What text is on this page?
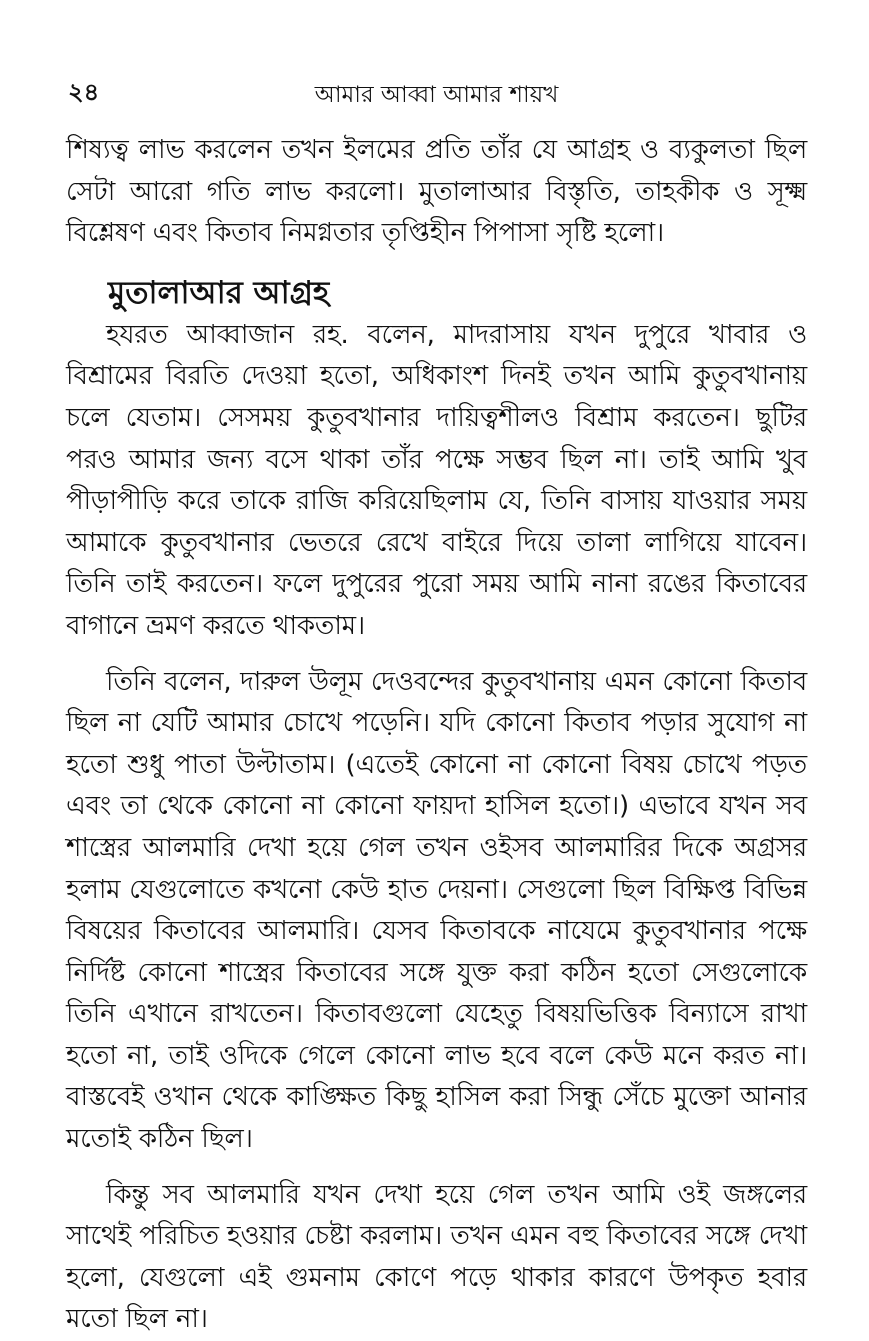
২৪	আমার আব্বা আমার শায়খ

শিষ্যত্ব লাভ করলেন তখন ইলমের প্রতি তাঁর যে আগ্রহ ও ব্যকুলতা ছিল সেটা আরো গতি লাভ করলো। মুতালাআর বিস্তৃতি, তাহকীক ও সূক্ষ্ম বিশ্লেষণ এবং কিতাব নিমগ্নতার তৃপ্তিহীন পিপাসা সৃষ্টি হলো।

মুতালাআর আগ্রহ

হযরত আব্বাজান রহ. বলেন, মাদরাসায় যখন দুপুরে খাবার ও বিশ্রামের বিরতি দেওয়া হতো, অধিকাংশ দিনই তখন আমি কুতুবখানায় চলে যেতাম। সেসময় কুতুবখানার দায়িত্বশীলও বিশ্রাম করতেন। ছুটির পরও আমার জন্য বসে থাকা তাঁর পক্ষে সম্ভব ছিল না। তাই আমি খুব পীড়াপীড়ি করে তাকে রাজি করিয়েছিলাম যে, তিনি বাসায় যাওয়ার সময় আমাকে কুতুবখানার ভেতরে রেখে বাইরে দিয়ে তালা লাগিয়ে যাবেন। তিনি তাই করতেন। ফলে দুপুরের পুরো সময় আমি নানা রঙের কিতাবের বাগানে ভ্রমণ করতে থাকতাম।

তিনি বলেন, দারুল উলূম দেওবন্দের কুতুবখানায় এমন কোনো কিতাব ছিল না যেটি আমার চোখে পড়েনি। যদি কোনো কিতাব পড়ার সুযোগ না হতো শুধু পাতা উল্টাতাম। (এতেই কোনো না কোনো বিষয় চোখে পড়ত এবং তা থেকে কোনো না কোনো ফায়দা হাসিল হতো।) এভাবে যখন সব শাস্ত্রের আলমারি দেখা হয়ে গেল তখন ওইসব আলমারির দিকে অগ্রসর হলাম যেগুলোতে কখনো কেউ হাত দেয়না। সেগুলো ছিল বিক্ষিপ্ত বিভিন্ন বিষয়ের কিতাবের আলমারি। যেসব কিতাবকে নাযেমে কুতুবখানার পক্ষে নির্দিষ্ট কোনো শাস্ত্রের কিতাবের সঙ্গে যুক্ত করা কঠিন হতো সেগুলোকে তিনি এখানে রাখতেন। কিতাবগুলো যেহেতু বিষয়ভিত্তিক বিন্যাসে রাখা হতো না, তাই ওদিকে গেলে কোনো লাভ হবে বলে কেউ মনে করত না। বাস্তবেই ওখান থেকে কাঙ্ক্ষিত কিছু হাসিল করা সিন্ধু সেঁচে মুক্তো আনার মতোই কঠিন ছিল।

কিন্তু সব আলমারি যখন দেখা হয়ে গেল তখন আমি ওই জঙ্গলের সাথেই পরিচিত হওয়ার চেষ্টা করলাম। তখন এমন বহু কিতাবের সঙ্গে দেখা হলো, যেগুলো এই গুমনাম কোণে পড়ে থাকার কারণে উপকৃত হবার মতো ছিল না।
